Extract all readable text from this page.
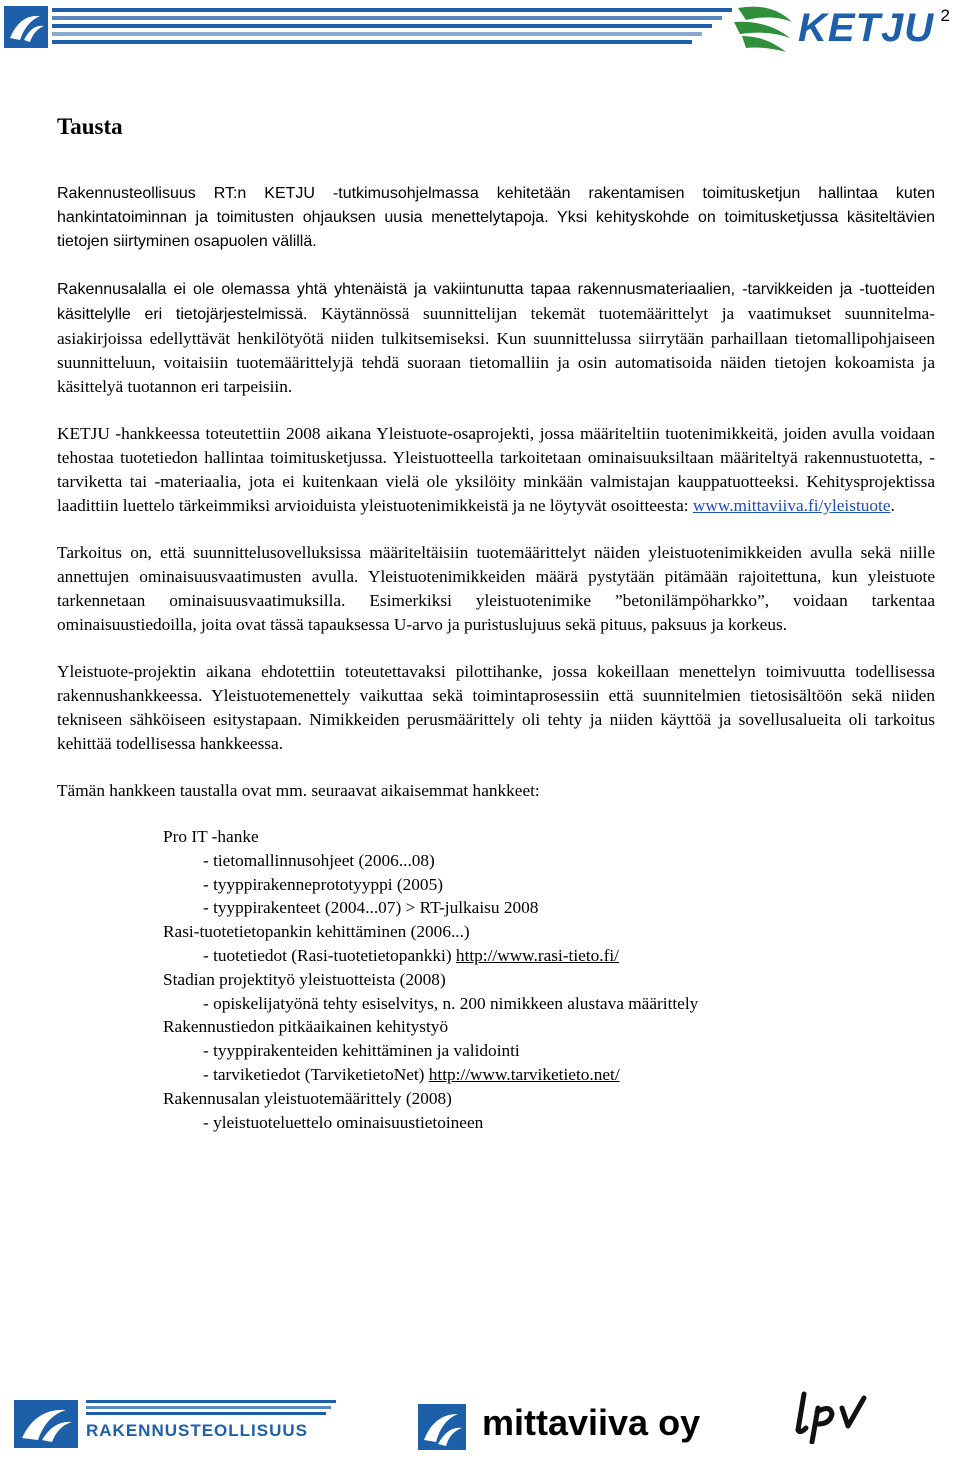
2
KETJU
Tausta

Rakennusteollisuus RT:n KETJU -tutkimusohjelmassa kehitetään rakentamisen toimitusketjun hallintaa kuten hankintatoiminnan ja toimitusten ohjauksen uusia menettelytapoja. Yksi kehityskohde on toimitusketjussa käsiteltävien tietojen siirtyminen osapuolen välillä.

Rakennusalalla ei ole olemassa yhtä yhtenäistä ja vakiintunutta tapaa rakennusmateriaalien, -tarvikkeiden ja -tuotteiden käsittelylle eri tietojärjestelmissä. Käytännössä suunnittelijan tekemät tuotemäärittelyt ja vaatimukset suunnitelma-asiakirjoissa edellyttävät henkilötyötä niiden tulkitsemiseksi. Kun suunnittelussa siirrytään parhaillaan tietomallipohjaiseen suunnitteluun, voitaisiin tuotemäärittelyjä tehdä suoraan tietomalliin ja osin automatisoida näiden tietojen kokoamista ja käsittelyä tuotannon eri tarpeisiin.

KETJU -hankkeessa toteutettiin 2008 aikana Yleistuote-osaprojekti, jossa määriteltiin tuotenimikkeitä, joiden avulla voidaan tehostaa tuotetiedon hallintaa toimitusketjussa. Yleistuotteella tarkoitetaan ominaisuuksiltaan määriteltyä rakennustuotetta, -tarviketta tai -materiaalia, jota ei kuitenkaan vielä ole yksilöity minkään valmistajan kauppatuotteeksi. Kehitysprojektissa laadittiin luettelo tärkeimmiksi arvioiduista yleistuotenimikkeistä ja ne löytyvät osoitteesta: www.mittaviiva.fi/yleistuote.

Tarkoitus on, että suunnittelusovelluksissa määriteltäisiin tuotemäärittelyt näiden yleistuotenimikkeiden avulla sekä niille annettujen ominaisuusvaatimusten avulla. Yleistuotenimikkeiden määrä pystytään pitämään rajoitettuna, kun yleistuote tarkennetaan ominaisuusvaatimuksilla. Esimerkiksi yleistuotenimike ”betonilämpöharkko”, voidaan tarkentaa ominaisuustiedoilla, joita ovat tässä tapauksessa U-arvo ja puristuslujuus sekä pituus, paksuus ja korkeus.

Yleistuote-projektin aikana ehdotettiin toteutettavaksi pilottihanke, jossa kokeillaan menettelyn toimivuutta todellisessa rakennushankkeessa. Yleistuotemenettely vaikuttaa sekä toimintaprosessiin että suunnitelmien tietosisältöön sekä niiden tekniseen sähköiseen esitystapaan. Nimikkeiden perusmäärittely oli tehty ja niiden käyttöä ja sovellusalueita oli tarkoitus kehittää todellisessa hankkeessa.

Tämän hankkeen taustalla ovat mm. seuraavat aikaisemmat hankkeet:

Pro IT -hanke
- tietomallinnusohjeet (2006...08)
- tyyppirakenneprototyyppi (2005)
- tyyppirakenteet (2004...07) > RT-julkaisu 2008
Rasi-tuotetietopankin kehittäminen (2006...)
- tuotetiedot (Rasi-tuotetietopankki) http://www.rasi-tieto.fi/
Stadian projektityö yleistuotteista (2008)
- opiskelijatyönä tehty esiselvitys, n. 200 nimikkeen alustava määrittely
Rakennustiedon pitkäaikainen kehitystyö
- tyyppirakenteiden kehittäminen ja validointi
- tarviketiedot (TarviketietoNet) http://www.tarviketieto.net/
Rakennusalan yleistuotemäärittely (2008)
- yleistuoteluettelo ominaisuustietoineen
RAKENNUSTEOLLISUUS	mittaviiva oy
